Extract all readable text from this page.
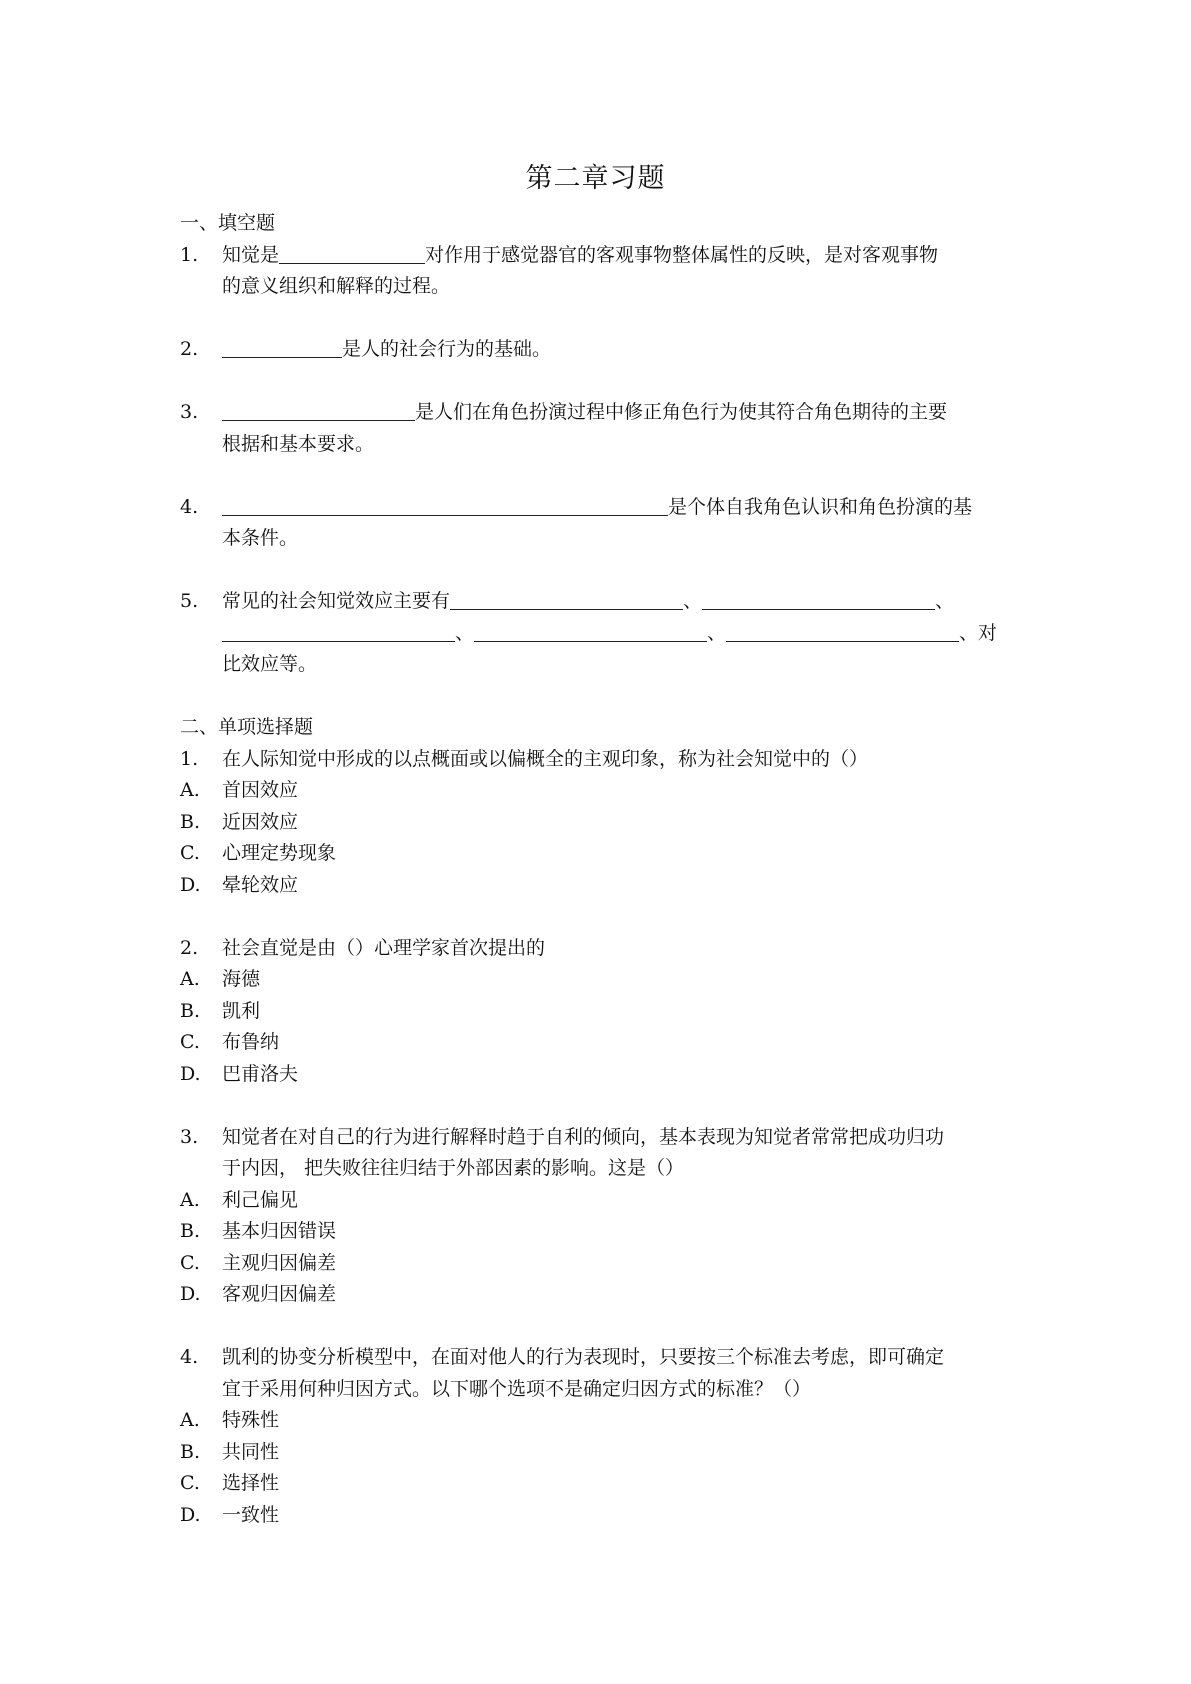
第二章习题
一、填空题
1. 知觉是	对作用于感觉器官的客观事物整体属性的反映，是对客观事物
的意义组织和解释的过程。
2.	是人的社会行为的基础。
3.	是人们在角色扮演过程中修正角色行为使其符合角色期待的主要
根据和基本要求。
4.	是个体自我角色认识和角色扮演的基
本条件。
5. 常见的社会知觉效应主要有	、	、
、	、	、对
比效应等。
二、单项选择题
1. 在人际知觉中形成的以点概面或以偏概全的主观印象，称为社会知觉中的（）
A. 首因效应
B. 近因效应
C. 心理定势现象
D. 晕轮效应
2. 社会直觉是由（）心理学家首次提出的
A. 海德
B. 凯利
C. 布鲁纳
D. 巴甫洛夫
3. 知觉者在对自己的行为进行解释时趋于自利的倾向，基本表现为知觉者常常把成功归功
于内因， 把失败往往归结于外部因素的影响。这是（）
A. 利己偏见
B. 基本归因错误
C. 主观归因偏差
D. 客观归因偏差
4. 凯利的协变分析模型中，在面对他人的行为表现时，只要按三个标准去考虑，即可确定
宜于采用何种归因方式。以下哪个选项不是确定归因方式的标准？（）
A. 特殊性
B. 共同性
C. 选择性
D. 一致性
